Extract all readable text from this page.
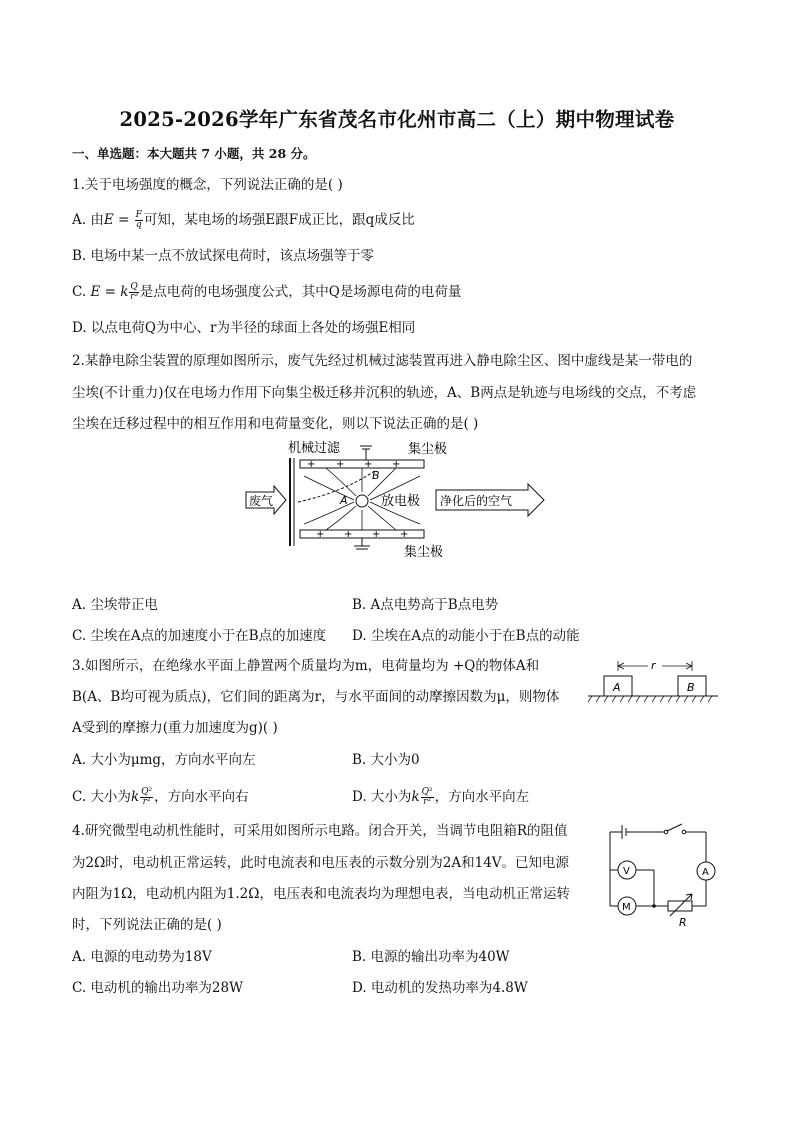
2025-2026学年广东省茂名市化州市高二（上）期中物理试卷
一、单选题：本大题共 7 小题，共 28 分。
1.关于电场强度的概念，下列说法正确的是( )
A. 由$E = \frac{F}{q}$ 可知，某电场的场强E跟F成正比，跟q成反比
B. 电场中某一点不放试探电荷时，该点场强等于零
C. E = k $\frac{Q}{\text{r²}}$ 是点电荷的电场强度公式，其中Q是场源电荷的电荷量
D. 以点电荷Q为中心、r为半径的球面上各处的场强E相同
2.某静电除尘装置的原理如图所示，废气先经过机械过滤装置再进入静电除尘区、图中虚线是某一带电的
尘埃(不计重力)仅在电场力作用下向集尘极迁移并沉积的轨迹，A、B两点是轨迹与电场线的交点，不考虑
尘埃在迁移过程中的相互作用和电荷量变化，则以下说法正确的是( )
机械过滤	集尘极
+ + + +
+ + + +
集尘极
A
B
放电极
废气	净化后的空气
A. 尘埃带正电	B. A点电势高于B点电势
C. 尘埃在A点的加速度小于在B点的加速度 D. 尘埃在A点的动能小于在B点的动能
3.如图所示，在绝缘水平面上静置两个质量均为m，电荷量均为 +Q的物体A和
B(A、B均可视为质点)，它们间的距离为r，与水平面间的动摩擦因数为μ，则物体
A受到的摩擦力(重力加速度为g)( )
r
A	B
A. 大小为μmg，方向水平向左	B. 大小为0
C. 大小为k $\frac{\text{Q²}}{\text{r²}}$ ，方向水平向右	D. 大小为k $\frac{\text{Q²}}{\text{r²}}$ ，方向水平向左
4.研究微型电动机性能时，可采用如图所示电路。闭合开关，当调节电阻箱R的阻值
为2Ω时，电动机正常运转，此时电流表和电压表的示数分别为2A和14V。已知电源
内阻为1Ω，电动机内阻为1.2Ω，电压表和电流表均为理想电表，当电动机正常运转
时，下列说法正确的是( )
V	A
M
R
A. 电源的电动势为18V	B. 电源的输出功率为40W
C. 电动机的输出功率为28W	D. 电动机的发热功率为4.8W
